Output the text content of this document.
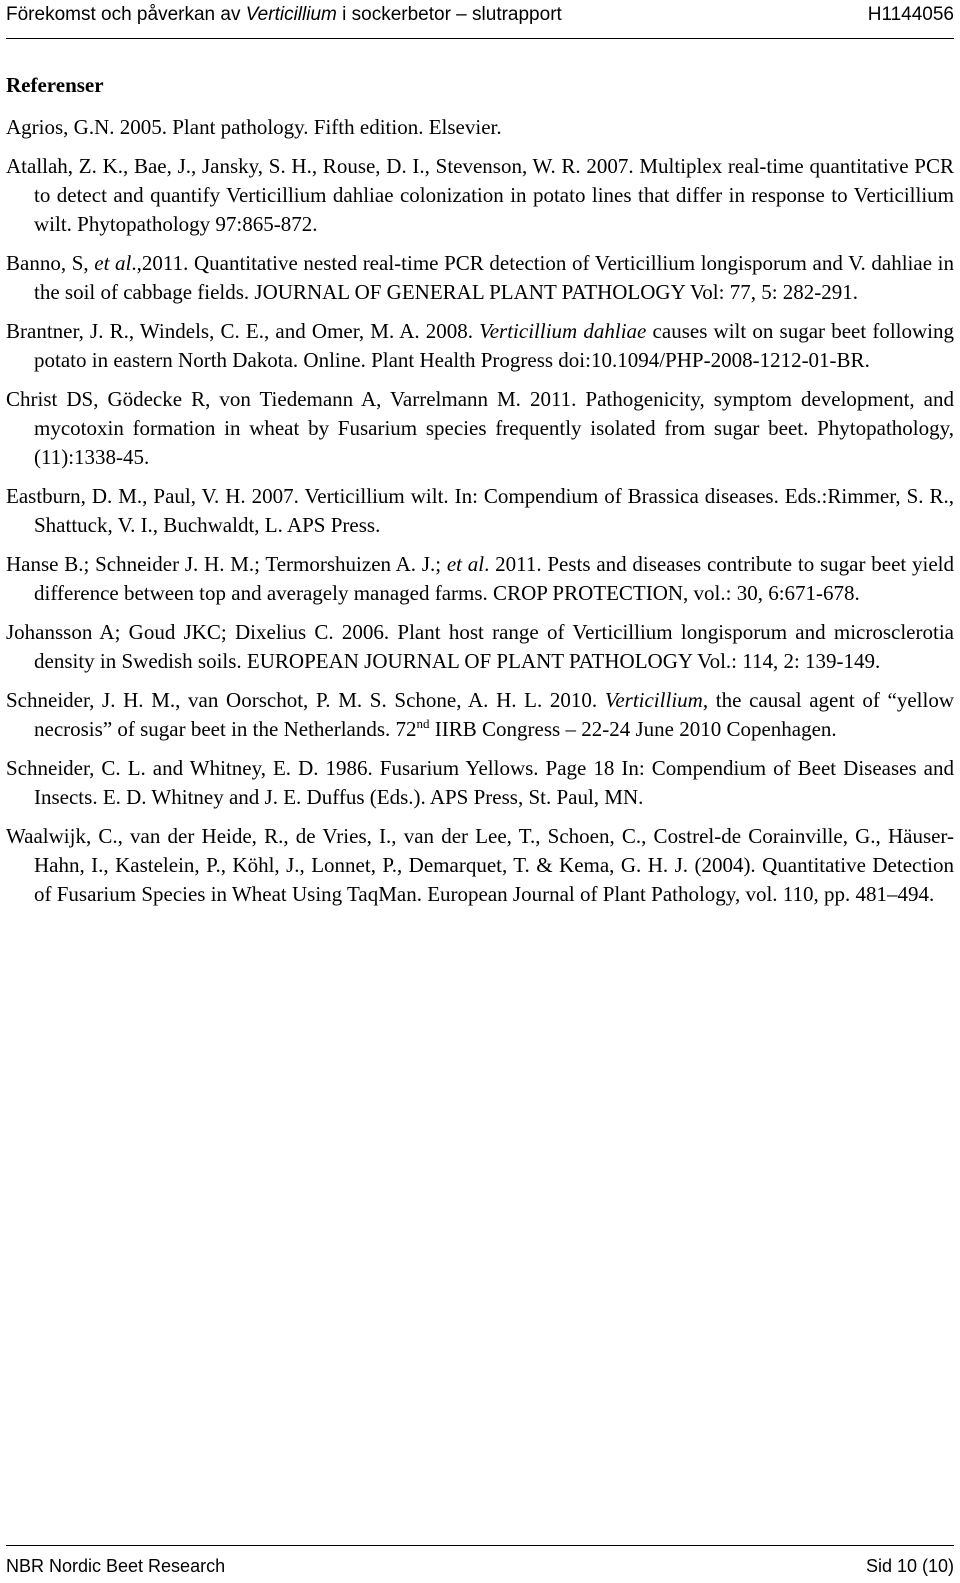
Förekomst och påverkan av Verticillium i sockerbetor – slutrapport	H1144056
Referenser

Agrios, G.N. 2005. Plant pathology. Fifth edition. Elsevier.

Atallah, Z. K., Bae, J., Jansky, S. H., Rouse, D. I., Stevenson, W. R. 2007. Multiplex real-time quantitative PCR to detect and quantify Verticillium dahliae colonization in potato lines that differ in response to Verticillium wilt. Phytopathology 97:865-872.

Banno, S, et al.,2011. Quantitative nested real-time PCR detection of Verticillium longisporum and V. dahliae in the soil of cabbage fields. JOURNAL OF GENERAL PLANT PATHOLOGY Vol: 77, 5: 282-291.

Brantner, J. R., Windels, C. E., and Omer, M. A. 2008. Verticillium dahliae causes wilt on sugar beet following potato in eastern North Dakota. Online. Plant Health Progress doi:10.1094/PHP-2008-1212-01-BR.

Christ DS, Gödecke R, von Tiedemann A, Varrelmann M. 2011. Pathogenicity, symptom development, and mycotoxin formation in wheat by Fusarium species frequently isolated from sugar beet. Phytopathology, (11):1338-45.

Eastburn, D. M., Paul, V. H. 2007. Verticillium wilt. In: Compendium of Brassica diseases. Eds.:Rimmer, S. R., Shattuck, V. I., Buchwaldt, L. APS Press.

Hanse B.; Schneider J. H. M.; Termorshuizen A. J.; et al. 2011. Pests and diseases contribute to sugar beet yield difference between top and averagely managed farms. CROP PROTECTION, vol.: 30, 6:671-678.

Johansson A; Goud JKC; Dixelius C. 2006. Plant host range of Verticillium longisporum and microsclerotia density in Swedish soils. EUROPEAN JOURNAL OF PLANT PATHOLOGY Vol.: 114, 2: 139-149.

Schneider, J. H. M., van Oorschot, P. M. S. Schone, A. H. L. 2010. Verticillium, the causal agent of “yellow necrosis” of sugar beet in the Netherlands. 72nd IIRB Congress – 22-24 June 2010 Copenhagen.

Schneider, C. L. and Whitney, E. D. 1986. Fusarium Yellows. Page 18 In: Compendium of Beet Diseases and Insects. E. D. Whitney and J. E. Duffus (Eds.). APS Press, St. Paul, MN.

Waalwijk, C., van der Heide, R., de Vries, I., van der Lee, T., Schoen, C., Costrel-de Corainville, G., Häuser-Hahn, I., Kastelein, P., Köhl, J., Lonnet, P., Demarquet, T. & Kema, G. H. J. (2004). Quantitative Detection of Fusarium Species in Wheat Using TaqMan. European Journal of Plant Pathology, vol. 110, pp. 481–494.

NBR Nordic Beet Research	Sid 10 (10)
